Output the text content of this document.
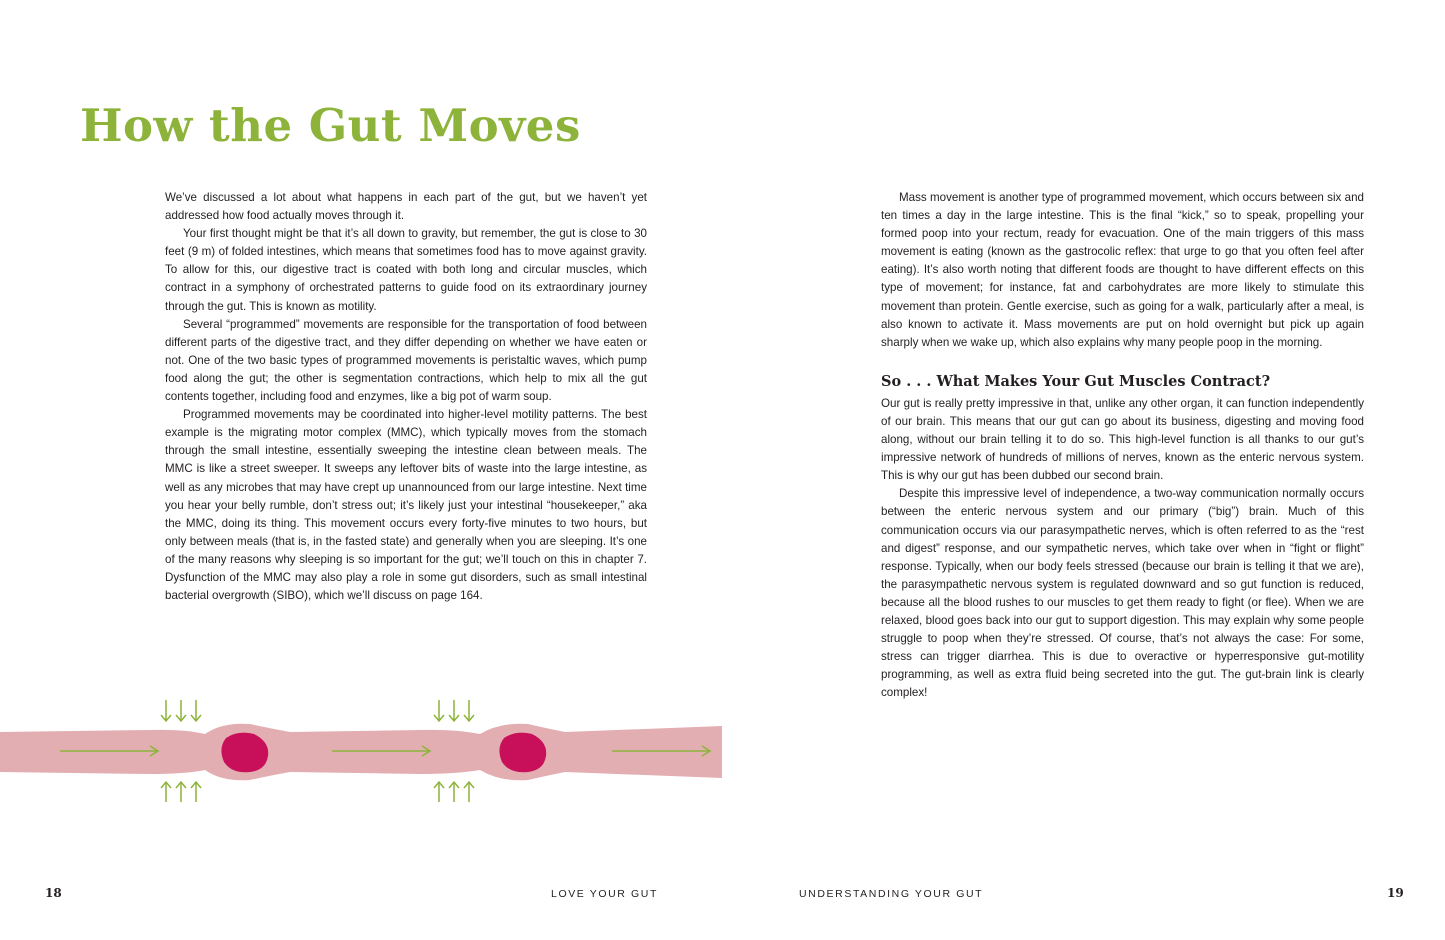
How the Gut Moves

We’ve discussed a lot about what happens in each part of the gut, but we haven’t yet addressed how food actually moves through it.

Your first thought might be that it’s all down to gravity, but remember, the gut is close to 30 feet (9 m) of folded intestines, which means that sometimes food has to move against gravity. To allow for this, our digestive tract is coated with both long and circular muscles, which contract in a symphony of orchestrated patterns to guide food on its extraordinary journey through the gut. This is known as motility.

Several “programmed” movements are responsible for the transportation of food between different parts of the digestive tract, and they differ depending on whether we have eaten or not. One of the two basic types of programmed movements is peristaltic waves, which pump food along the gut; the other is segmentation contractions, which help to mix all the gut contents together, including food and enzymes, like a big pot of warm soup.

Programmed movements may be coordinated into higher-level motility patterns. The best example is the migrating motor complex (MMC), which typically moves from the stomach through the small intestine, essentially sweeping the intestine clean between meals. The MMC is like a street sweeper. It sweeps any leftover bits of waste into the large intestine, as well as any microbes that may have crept up unannounced from our large intestine. Next time you hear your belly rumble, don’t stress out; it’s likely just your intestinal “housekeeper,” aka the MMC, doing its thing. This movement occurs every forty-five minutes to two hours, but only between meals (that is, in the fasted state) and generally when you are sleeping. It’s one of the many reasons why sleeping is so important for the gut; we’ll touch on this in chapter 7. Dysfunction of the MMC may also play a role in some gut disorders, such as small intestinal bacterial overgrowth (SIBO), which we’ll discuss on page 164.

Mass movement is another type of programmed movement, which occurs between six and ten times a day in the large intestine. This is the final “kick,” so to speak, propelling your formed poop into your rectum, ready for evacuation. One of the main triggers of this mass movement is eating (known as the gastrocolic reflex: that urge to go that you often feel after eating). It’s also worth noting that different foods are thought to have different effects on this type of movement; for instance, fat and carbohydrates are more likely to stimulate this movement than protein. Gentle exercise, such as going for a walk, particularly after a meal, is also known to activate it. Mass movements are put on hold overnight but pick up again sharply when we wake up, which also explains why many people poop in the morning.

So . . . What Makes Your Gut Muscles Contract?

Our gut is really pretty impressive in that, unlike any other organ, it can function independently of our brain. This means that our gut can go about its business, digesting and moving food along, without our brain telling it to do so. This high-level function is all thanks to our gut’s impressive network of hundreds of millions of nerves, known as the enteric nervous system. This is why our gut has been dubbed our second brain.

Despite this impressive level of independence, a two-way communication normally occurs between the enteric nervous system and our primary (“big”) brain. Much of this communication occurs via our parasympathetic nerves, which is often referred to as the “rest and digest” response, and our sympathetic nerves, which take over when in “fight or flight” response. Typically, when our body feels stressed (because our brain is telling it that we are), the parasympathetic nervous system is regulated downward and so gut function is reduced, because all the blood rushes to our muscles to get them ready to fight (or flee). When we are relaxed, blood goes back into our gut to support digestion. This may explain why some people struggle to poop when they’re stressed. Of course, that’s not always the case: For some, stress can trigger diarrhea. This is due to overactive or hyperresponsive gut-motility programming, as well as extra fluid being secreted into the gut. The gut-brain link is clearly complex!

18	LOVE YOUR GUT	UNDERSTANDING YOUR GUT	19
